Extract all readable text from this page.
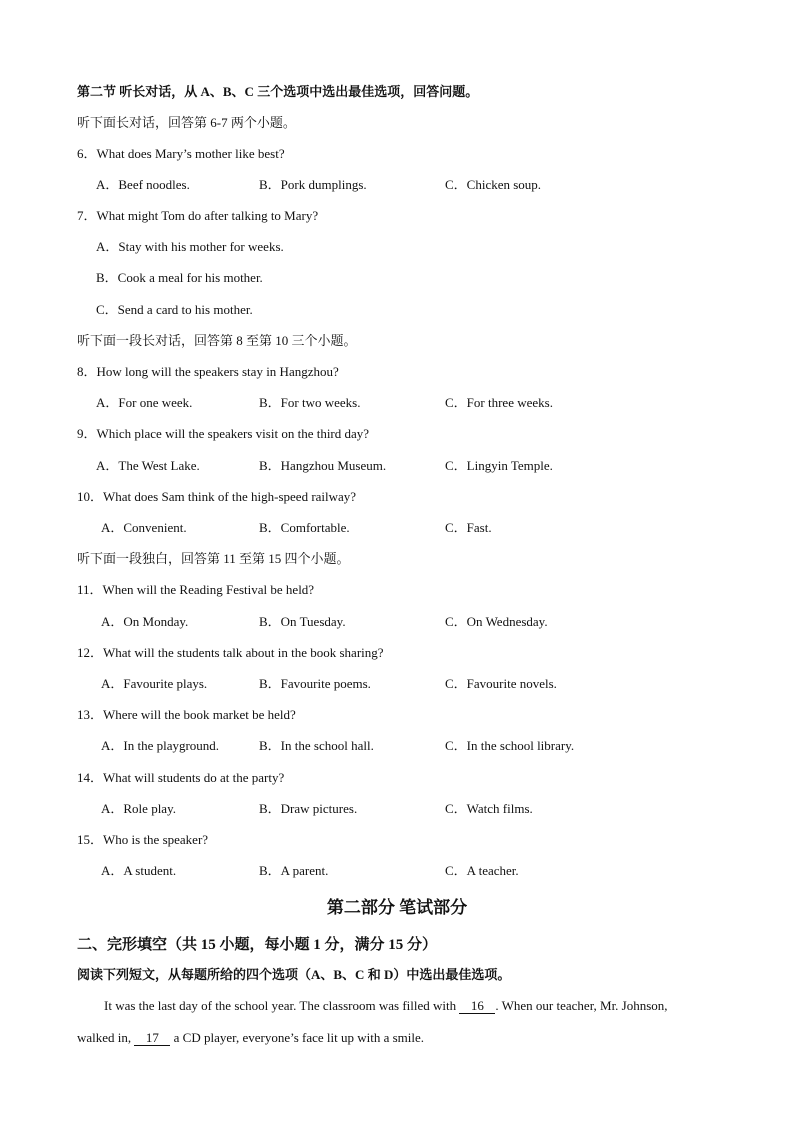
第二节 听长对话，从 A、B、C 三个选项中选出最佳选项，回答问题。
听下面长对话，回答第 6-7 两个小题。
6．What does Mary’s mother like best?
A．Beef noodles.	B．Pork dumplings.	C．Chicken soup.
7．What might Tom do after talking to Mary?
A．Stay with his mother for weeks.
B．Cook a meal for his mother.
C．Send a card to his mother.
听下面一段长对话，回答第 8 至第 10 三个小题。
8．How long will the speakers stay in Hangzhou?
A．For one week.	B．For two weeks.	C．For three weeks.
9．Which place will the speakers visit on the third day?
A．The West Lake.	B．Hangzhou Museum.	C．Lingyin Temple.
10．What does Sam think of the high-speed railway?
A．Convenient.	B．Comfortable.	C．Fast.
听下面一段独白，回答第 11 至第 15 四个小题。
11．When will the Reading Festival be held?
A．On Monday.	B．On Tuesday.	C．On Wednesday.
12．What will the students talk about in the book sharing?
A．Favourite plays.	B．Favourite poems.	C．Favourite novels.
13．Where will the book market be held?
A．In the playground.	B．In the school hall.	C．In the school library.
14．What will students do at the party?
A．Role play.	B．Draw pictures.	C．Watch films.
15．Who is the speaker?
A．A student.	B．A parent.	C．A teacher.
第二部分 笔试部分
二、完形填空（共 15 小题，每小题 1 分，满分 15 分）
阅读下列短文，从每题所给的四个选项（A、B、C 和 D）中选出最佳选项。
It was the last day of the school year. The classroom was filled with 16 . When our teacher, Mr. Johnson,
walked in, 17 a CD player, everyone’s face lit up with a smile.
